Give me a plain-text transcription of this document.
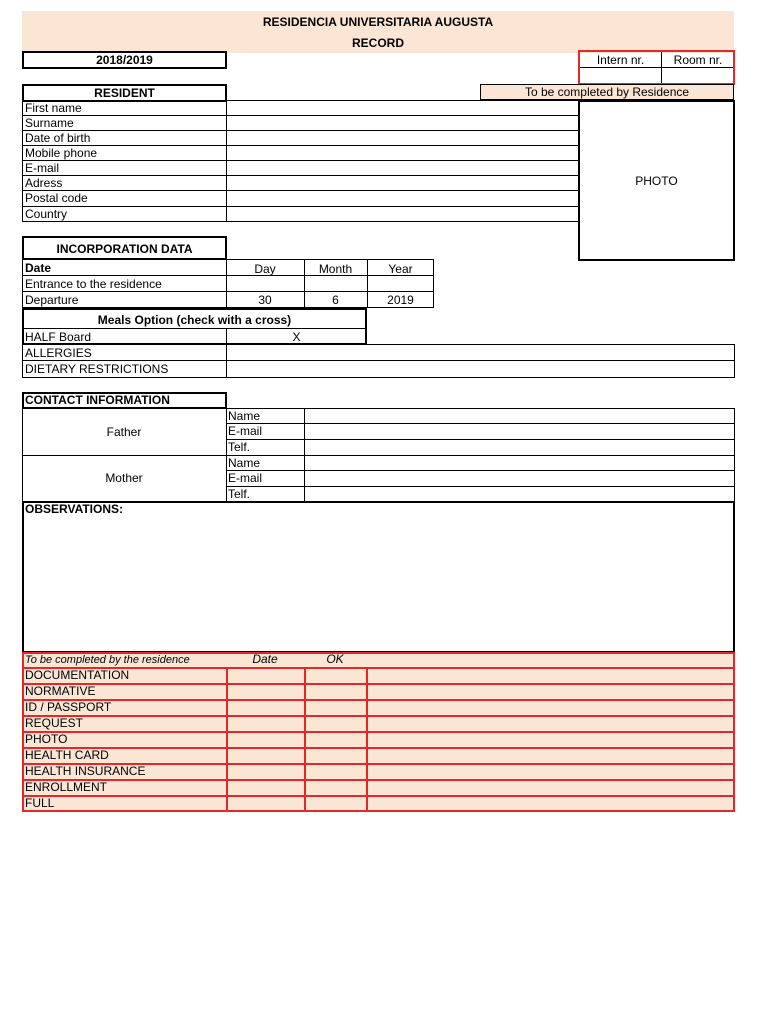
RESIDENCIA UNIVERSITARIA AUGUSTA
RECORD
2018/2019	Intern nr.	Room nr.
RESIDENT	To be completed by Residence
PHOTO
First name
Surname
Date of birth
Mobile phone
E-mail
Adress
Postal code
Country
INCORPORATION DATA
Date	Day	Month	Year
Entrance to the residence
Departure	30	6	2019
Meals Option (check with a cross)
HALF Board	X
ALLERGIES
DIETARY RESTRICTIONS
CONTACT INFORMATION
Father
Name
E-mail
Telf.
Mother
Name
E-mail
Telf.
OBSERVATIONS:
To be completed by the residence	Date	OK
DOCUMENTATION
NORMATIVE
ID / PASSPORT
REQUEST
PHOTO
HEALTH CARD
HEALTH INSURANCE
ENROLLMENT
FULL
